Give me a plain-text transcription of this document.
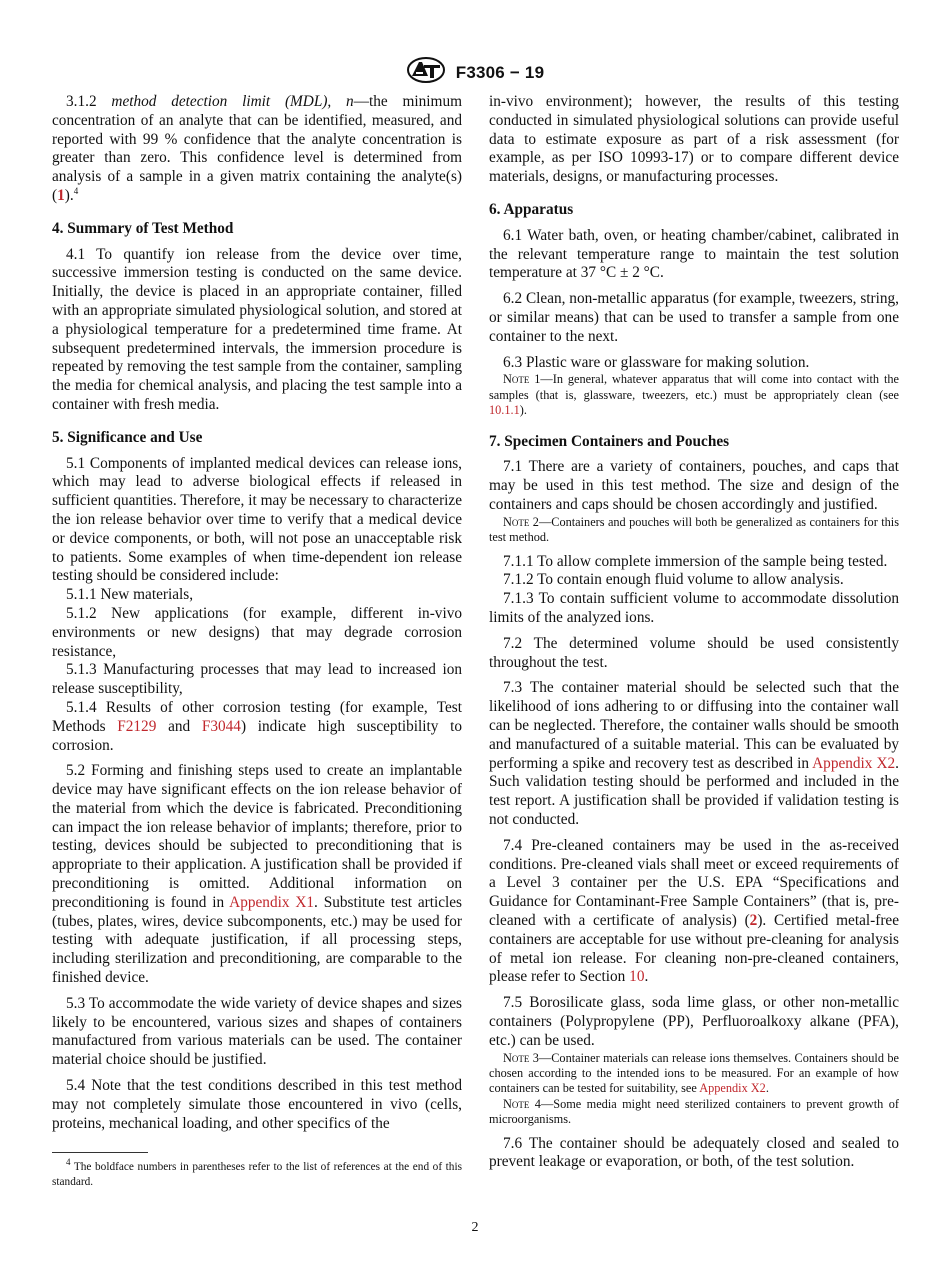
F3306 − 19

3.1.2 method detection limit (MDL), n—the minimum concentration of an analyte that can be identified, measured, and reported with 99 % confidence that the analyte concentration is greater than zero. This confidence level is determined from analysis of a sample in a given matrix containing the analyte(s) (1).$^4$

4. Summary of Test Method

4.1 To quantify ion release from the device over time, successive immersion testing is conducted on the same device. Initially, the device is placed in an appropriate container, filled with an appropriate simulated physiological solution, and stored at a physiological temperature for a predetermined time frame. At subsequent predetermined intervals, the immersion procedure is repeated by removing the test sample from the container, sampling the media for chemical analysis, and placing the test sample into a container with fresh media.

5. Significance and Use

5.1 Components of implanted medical devices can release ions, which may lead to adverse biological effects if released in sufficient quantities. Therefore, it may be necessary to characterize the ion release behavior over time to verify that a medical device or device components, or both, will not pose an unacceptable risk to patients. Some examples of when time-dependent ion release testing should be considered include:

5.1.1 New materials,

5.1.2 New applications (for example, different in-vivo environments or new designs) that may degrade corrosion resistance,

5.1.3 Manufacturing processes that may lead to increased ion release susceptibility,

5.1.4 Results of other corrosion testing (for example, Test Methods F2129 and F3044) indicate high susceptibility to corrosion.

5.2 Forming and finishing steps used to create an implantable device may have significant effects on the ion release behavior of the material from which the device is fabricated. Preconditioning can impact the ion release behavior of implants; therefore, prior to testing, devices should be subjected to preconditioning that is appropriate to their application. A justification shall be provided if preconditioning is omitted. Additional information on preconditioning is found in Appendix X1. Substitute test articles (tubes, plates, wires, device subcomponents, etc.) may be used for testing with adequate justification, if all processing steps, including sterilization and preconditioning, are comparable to the finished device.

5.3 To accommodate the wide variety of device shapes and sizes likely to be encountered, various sizes and shapes of containers manufactured from various materials can be used. The container material choice should be justified.

5.4 Note that the test conditions described in this test method may not completely simulate those encountered in vivo (cells, proteins, mechanical loading, and other specifics of the

$^4$ The boldface numbers in parentheses refer to the list of references at the end of this standard.

in-vivo environment); however, the results of this testing conducted in simulated physiological solutions can provide useful data to estimate exposure as part of a risk assessment (for example, as per ISO 10993-17) or to compare different device materials, designs, or manufacturing processes.

6. Apparatus

6.1 Water bath, oven, or heating chamber/cabinet, calibrated in the relevant temperature range to maintain the test solution temperature at 37 °C ± 2 °C.

6.2 Clean, non-metallic apparatus (for example, tweezers, string, or similar means) that can be used to transfer a sample from one container to the next.

6.3 Plastic ware or glassware for making solution.

Note 1—In general, whatever apparatus that will come into contact with the samples (that is, glassware, tweezers, etc.) must be appropriately clean (see 10.1.1).

7. Specimen Containers and Pouches

7.1 There are a variety of containers, pouches, and caps that may be used in this test method. The size and design of the containers and caps should be chosen accordingly and justified.

Note 2—Containers and pouches will both be generalized as containers for this test method.

7.1.1 To allow complete immersion of the sample being tested.

7.1.2 To contain enough fluid volume to allow analysis.

7.1.3 To contain sufficient volume to accommodate dissolution limits of the analyzed ions.

7.2 The determined volume should be used consistently throughout the test.

7.3 The container material should be selected such that the likelihood of ions adhering to or diffusing into the container wall can be neglected. Therefore, the container walls should be smooth and manufactured of a suitable material. This can be evaluated by performing a spike and recovery test as described in Appendix X2. Such validation testing should be performed and included in the test report. A justification shall be provided if validation testing is not conducted.

7.4 Pre-cleaned containers may be used in the as-received conditions. Pre-cleaned vials shall meet or exceed requirements of a Level 3 container per the U.S. EPA “Specifications and Guidance for Contaminant-Free Sample Containers” (that is, pre-cleaned with a certificate of analysis) (2). Certified metal-free containers are acceptable for use without pre-cleaning for analysis of metal ion release. For cleaning non-pre-cleaned containers, please refer to Section 10.

7.5 Borosilicate glass, soda lime glass, or other non-metallic containers (Polypropylene (PP), Perfluoroalkoxy alkane (PFA), etc.) can be used.

Note 3—Container materials can release ions themselves. Containers should be chosen according to the intended ions to be measured. For an example of how containers can be tested for suitability, see Appendix X2.

Note 4—Some media might need sterilized containers to prevent growth of microorganisms.

7.6 The container should be adequately closed and sealed to prevent leakage or evaporation, or both, of the test solution.

2
